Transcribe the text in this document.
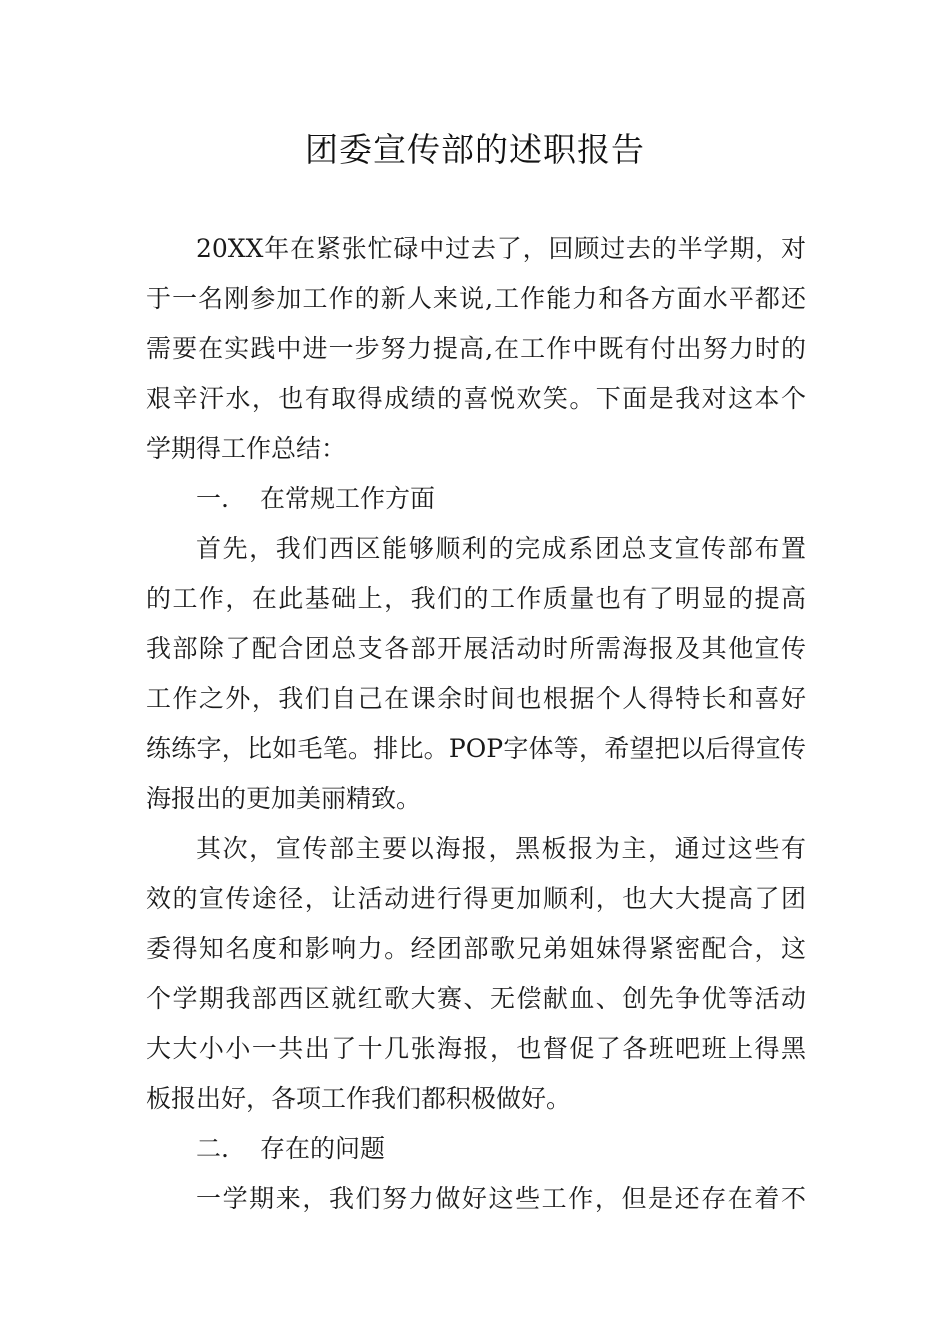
团委宣传部的述职报告
20XX年在紧张忙碌中过去了，回顾过去的半学期，对
于一名刚参加工作的新人来说,工作能力和各方面水平都还
需要在实践中进一步努力提高,在工作中既有付出努力时的
艰辛汗水，也有取得成绩的喜悦欢笑。下面是我对这本个
学期得工作总结：
一. 在常规工作方面
首先，我们西区能够顺利的完成系团总支宣传部布置
的工作，在此基础上，我们的工作质量也有了明显的提高
我部除了配合团总支各部开展活动时所需海报及其他宣传
工作之外，我们自己在课余时间也根据个人得特长和喜好
练练字，比如毛笔。排比。POP字体等，希望把以后得宣传
海报出的更加美丽精致。
其次，宣传部主要以海报，黑板报为主，通过这些有
效的宣传途径，让活动进行得更加顺利，也大大提高了团
委得知名度和影响力。经团部歌兄弟姐妹得紧密配合，这
个学期我部西区就红歌大赛、无偿献血、创先争优等活动
大大小小一共出了十几张海报，也督促了各班吧班上得黑
板报出好，各项工作我们都积极做好。
二. 存在的问题
一学期来，我们努力做好这些工作，但是还存在着不
